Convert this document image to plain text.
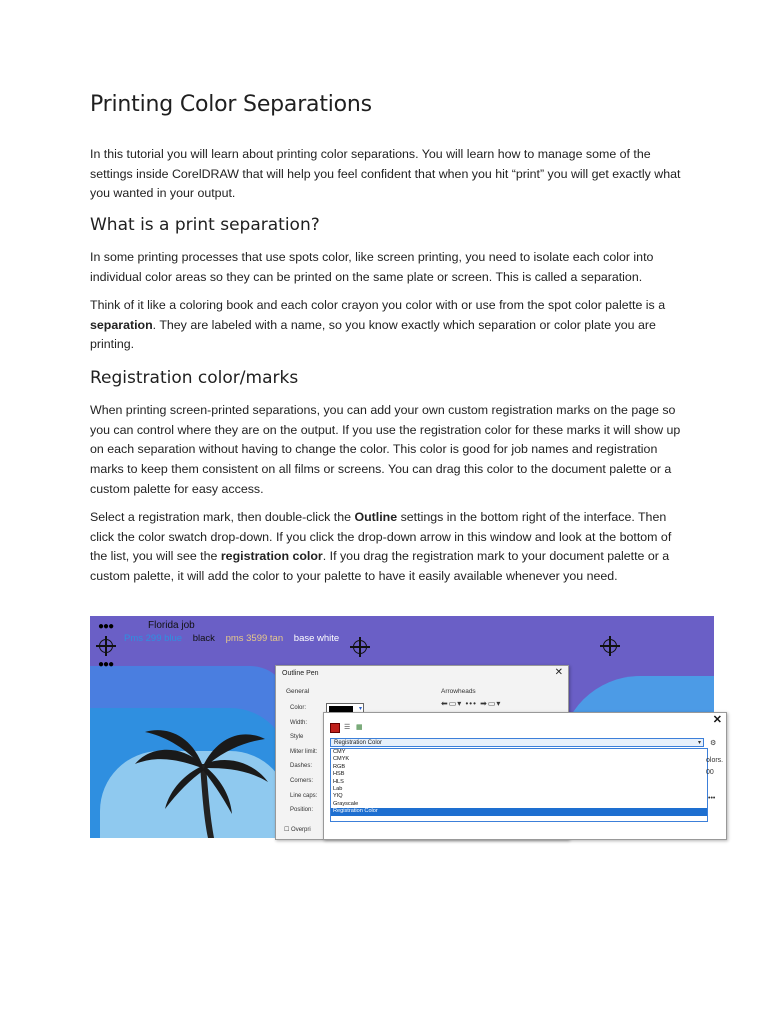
Printing Color Separations

In this tutorial you will learn about printing color separations. You will learn how to manage some of the settings inside CorelDRAW that will help you feel confident that when you hit “print” you will get exactly what you wanted in your output.

What is a print separation?

In some printing processes that use spots color, like screen printing, you need to isolate each color into individual color areas so they can be printed on the same plate or screen. This is called a separation.

Think of it like a coloring book and each color crayon you color with or use from the spot color palette is a separation. They are labeled with a name, so you know exactly which separation or color plate you are printing.

Registration color/marks

When printing screen-printed separations, you can add your own custom registration marks on the page so you can control where they are on the output. If you use the registration color for these marks it will show up on each separation without having to change the color. This color is good for job names and registration marks to keep them consistent on all films or screens. You can drag this color to the document palette or a custom palette for easy access.

Select a registration mark, then double-click the Outline settings in the bottom right of the interface. Then click the color swatch drop-down. If you click the drop-down arrow in this window and look at the bottom of the list, you will see the registration color. If you drag the registration mark to your document palette or a custom palette, it will add the color to your palette to have it easily available whenever you need.

●●●
●●●
Florida job
Pms 299 blue black pms 3599 tan base white
Outline Pen	✕
General	Arrowheads
Color:
Width:
Style
Miter limit:
Dashes:
Corners:
Line caps:
Position:
▾
⬅▭▾ ••• ➡▭▾
☐ Overpri
✕
☰ ▦
Registration Color	▾
CMY
CMYK
RGB
HSB
HLS
Lab
YIQ
Grayscale
Registration Color
⚙
olors.
00
•••
